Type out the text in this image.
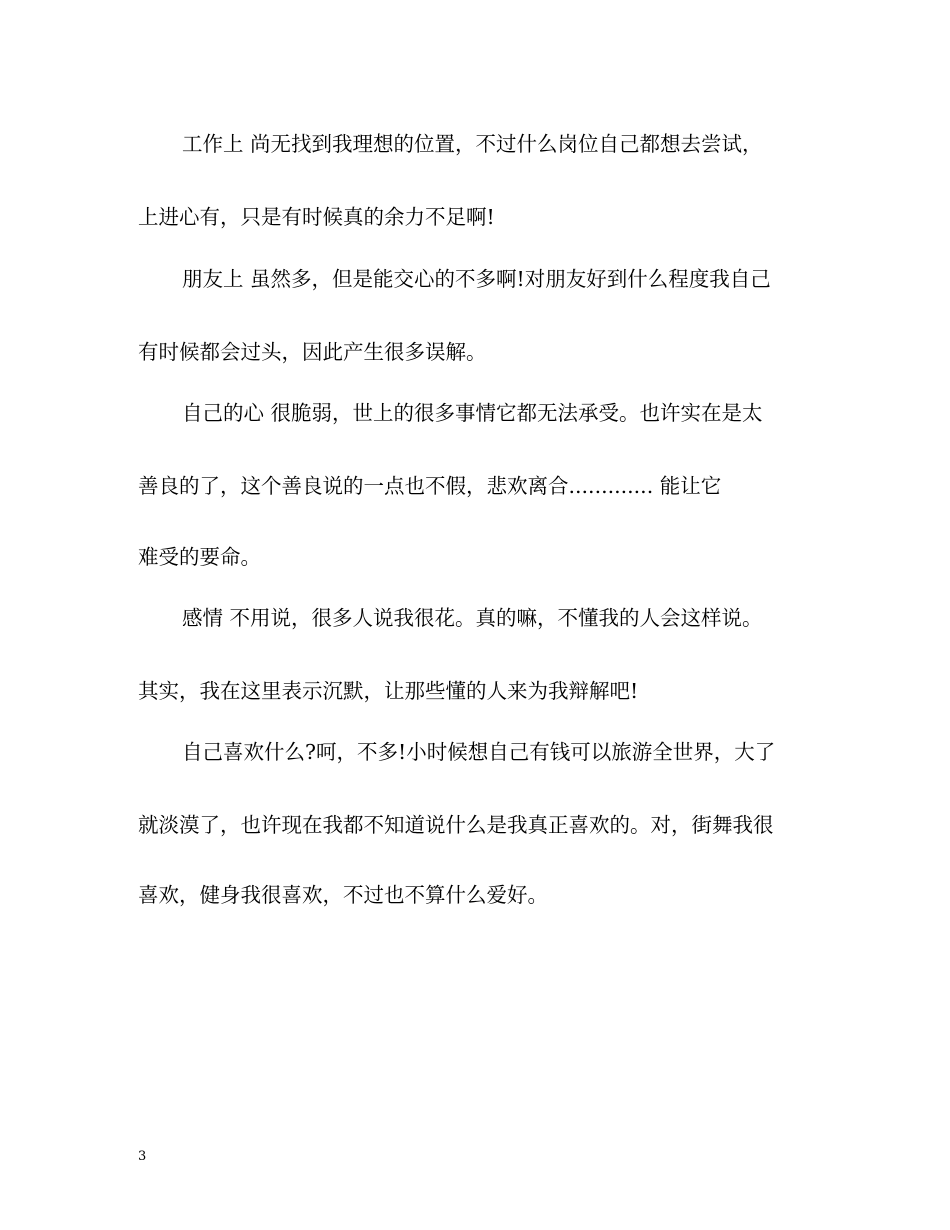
工作上 尚无找到我理想的位置，不过什么岗位自己都想去尝试，
上进心有，只是有时候真的余力不足啊!
朋友上 虽然多，但是能交心的不多啊!对朋友好到什么程度我自己
有时候都会过头，因此产生很多误解。
自己的心 很脆弱，世上的很多事情它都无法承受。也许实在是太
善良的了，这个善良说的一点也不假，悲欢离合............. 能让它
难受的要命。
感情 不用说，很多人说我很花。真的嘛，不懂我的人会这样说。
其实，我在这里表示沉默，让那些懂的人来为我辩解吧!
自己喜欢什么?呵，不多!小时候想自己有钱可以旅游全世界，大了
就淡漠了，也许现在我都不知道说什么是我真正喜欢的。对，街舞我很
喜欢，健身我很喜欢，不过也不算什么爱好。
3
